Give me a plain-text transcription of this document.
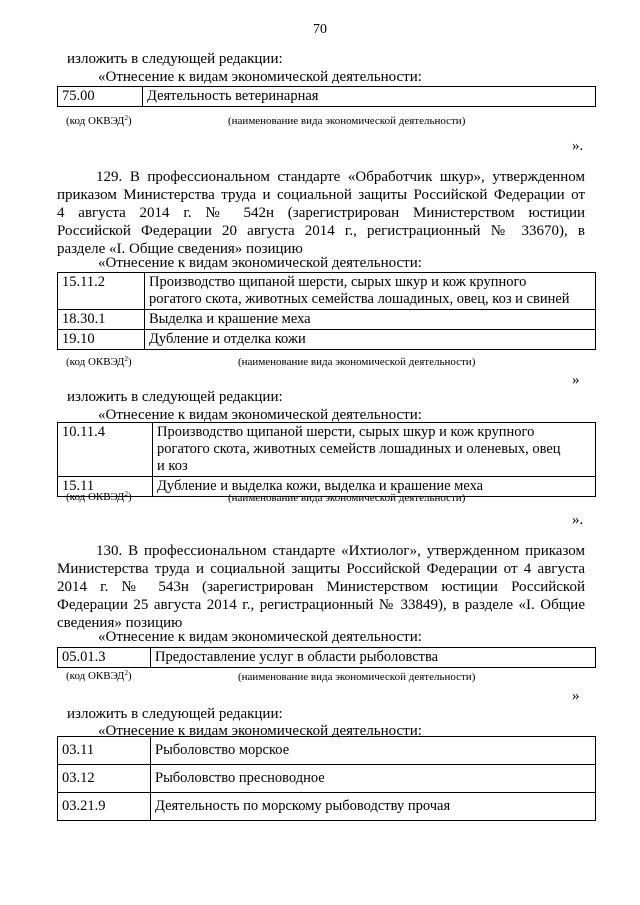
70
изложить в следующей редакции:
«Отнесение к видам экономической деятельности:
75.00	Деятельность ветеринарная
(код ОКВЭД$^2$)	(наименование вида экономической деятельности)
».
129. В профессиональном стандарте «Обработчик шкур», утвержденном
приказом Министерства труда и социальной защиты Российской Федерации от
4 августа 2014 г. № 542н (зарегистрирован Министерством юстиции
Российской Федерации 20 августа 2014 г., регистрационный № 33670), в
разделе «I. Общие сведения» позицию
«Отнесение к видам экономической деятельности:
15.11.2	Производство щипаной шерсти, сырых шкур и кож крупного
рогатого скота, животных семейства лошадиных, овец, коз и свиней

18.30.1	Выделка и крашение меха
19.10	Дубление и отделка кожи
(код ОКВЭД$^2$)	(наименование вида экономической деятельности)
»
изложить в следующей редакции:
«Отнесение к видам экономической деятельности:
10.11.4	Производство щипаной шерсти, сырых шкур и кож крупного
рогатого скота, животных семейств лошадиных и оленевых, овец
и коз

15.11	Дубление и выделка кожи, выделка и крашение меха
(код ОКВЭД$^2$)	(наименование вида экономической деятельности)
».
130. В профессиональном стандарте «Ихтиолог», утвержденном приказом
Министерства труда и социальной защиты Российской Федерации от 4 августа
2014 г. № 543н (зарегистрирован Министерством юстиции Российской
Федерации 25 августа 2014 г., регистрационный № 33849), в разделе «I. Общие
сведения» позицию
«Отнесение к видам экономической деятельности:
05.01.3	Предоставление услуг в области рыболовства
(код ОКВЭД$^2$)	(наименование вида экономической деятельности)
»
изложить в следующей редакции:
«Отнесение к видам экономической деятельности:
03.11	Рыболовство морское
03.12	Рыболовство пресноводное
03.21.9	Деятельность по морскому рыбоводству прочая
